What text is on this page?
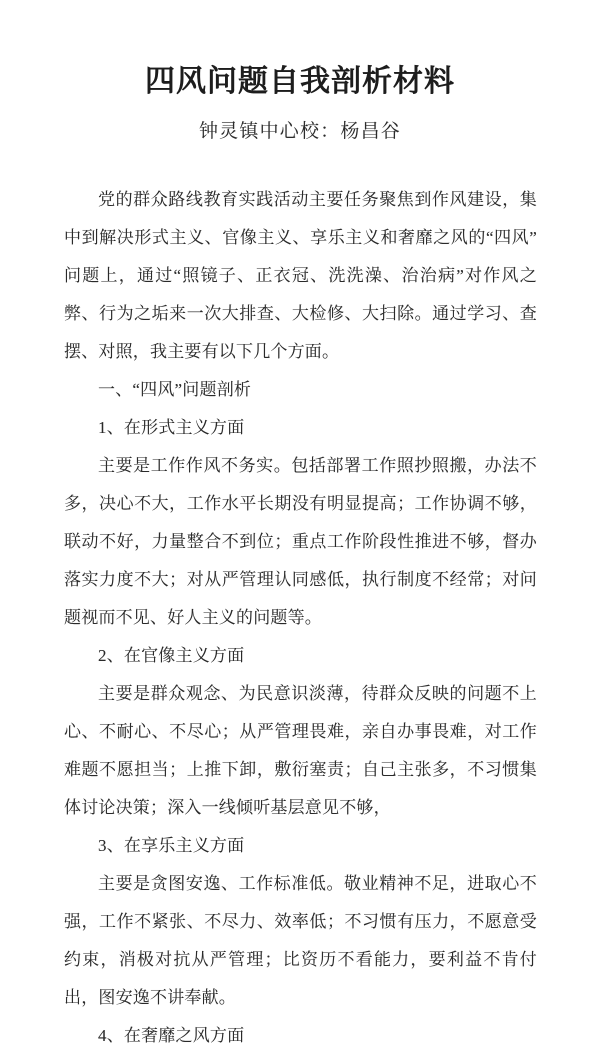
四风问题自我剖析材料
钟灵镇中心校：杨昌谷

党的群众路线教育实践活动主要任务聚焦到作风建设，集中到解决形式主义、官像主义、享乐主义和奢靡之风的“四风”问题上，通过“照镜子、正衣冠、洗洗澡、治治病”对作风之弊、行为之垢来一次大排查、大检修、大扫除。通过学习、查摆、对照，我主要有以下几个方面。

一、“四风”问题剖析

1、在形式主义方面

主要是工作作风不务实。包括部署工作照抄照搬，办法不多，决心不大，工作水平长期没有明显提高；工作协调不够，联动不好，力量整合不到位；重点工作阶段性推进不够，督办落实力度不大；对从严管理认同感低，执行制度不经常；对问题视而不见、好人主义的问题等。

2、在官像主义方面

主要是群众观念、为民意识淡薄，待群众反映的问题不上心、不耐心、不尽心；从严管理畏难，亲自办事畏难，对工作难题不愿担当；上推下卸，敷衍塞责；自己主张多，不习惯集体讨论决策；深入一线倾听基层意见不够，

3、在享乐主义方面

主要是贪图安逸、工作标准低。敬业精神不足，进取心不强，工作不紧张、不尽力、效率低；不习惯有压力，不愿意受约束，消极对抗从严管理；比资历不看能力，要利益不肯付出，图安逸不讲奉献。

4、在奢靡之风方面
